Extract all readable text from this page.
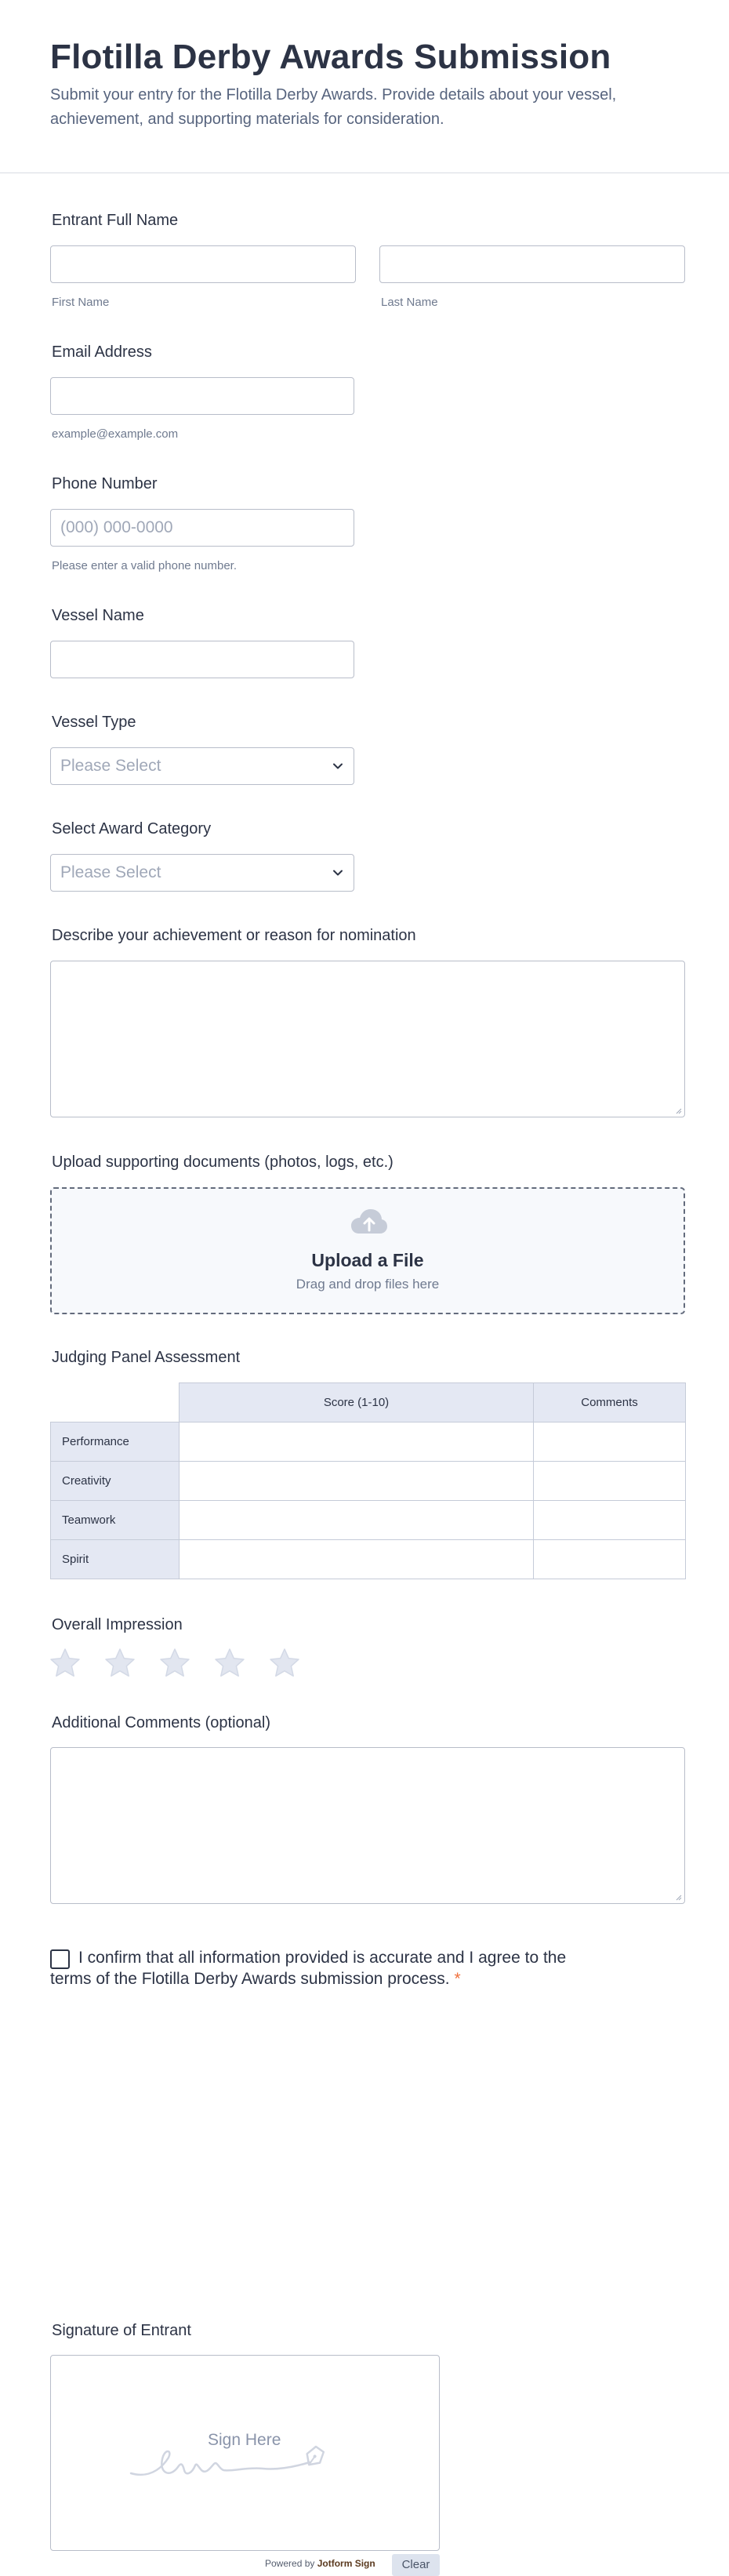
Flotilla Derby Awards Submission

Submit your entry for the Flotilla Derby Awards. Provide details about your vessel, achievement, and supporting materials for consideration.

Entrant Full Name
First Name	Last Name
Email Address
example@example.com
Phone Number
(000) 000-0000
Please enter a valid phone number.
Vessel Name
Vessel Type
Please Select
Select Award Category
Please Select
Describe your achievement or reason for nomination
Upload supporting documents (photos, logs, etc.)
Upload a File
Drag and drop files here
Judging Panel Assessment
	Score (1-10)	Comments
Performance		
Creativity		
Teamwork		
Spirit		
Overall Impression
Additional Comments (optional)
I confirm that all information provided is accurate and I agree to the terms of the Flotilla Derby Awards submission process. *
Signature of Entrant
Sign Here
Powered by Jotform Sign	Clear
